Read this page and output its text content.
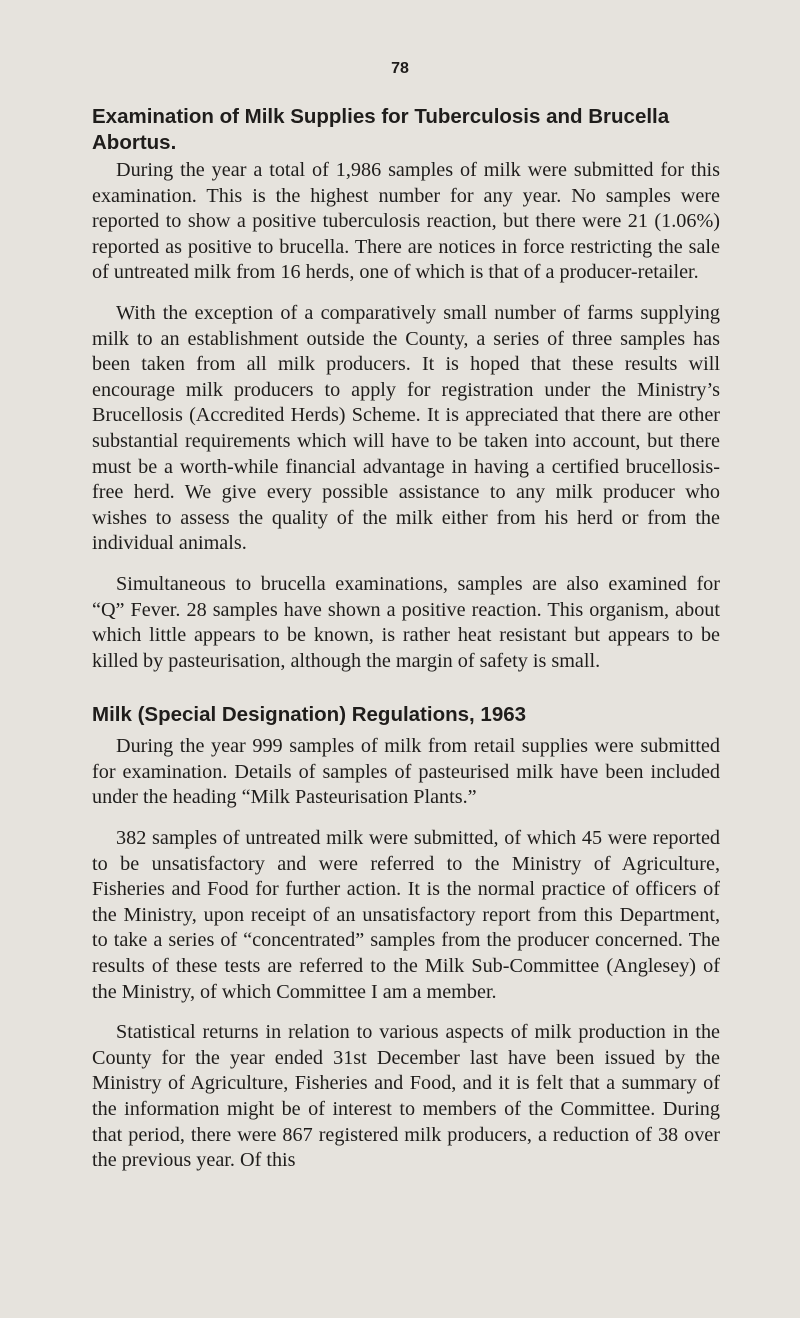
78
Examination of Milk Supplies for Tuberculosis and Brucella Abortus.

During the year a total of 1,986 samples of milk were submitted for this examination. This is the highest number for any year. No samples were reported to show a positive tuberculosis reaction, but there were 21 (1.06%) reported as positive to brucella. There are notices in force restricting the sale of untreated milk from 16 herds, one of which is that of a producer-retailer.

With the exception of a comparatively small number of farms supplying milk to an establishment outside the County, a series of three samples has been taken from all milk producers. It is hoped that these results will encourage milk producers to apply for registration under the Ministry’s Brucellosis (Accredited Herds) Scheme. It is appreciated that there are other substantial requirements which will have to be taken into account, but there must be a worth-while financial advantage in having a certified brucellosis-free herd. We give every possible assistance to any milk producer who wishes to assess the quality of the milk either from his herd or from the individual animals.

Simultaneous to brucella examinations, samples are also examined for “Q” Fever. 28 samples have shown a positive reaction. This organism, about which little appears to be known, is rather heat resistant but appears to be killed by pasteurisation, although the margin of safety is small.

Milk (Special Designation) Regulations, 1963

During the year 999 samples of milk from retail supplies were submitted for examination. Details of samples of pasteurised milk have been included under the heading “Milk Pasteurisation Plants.”

382 samples of untreated milk were submitted, of which 45 were reported to be unsatisfactory and were referred to the Ministry of Agriculture, Fisheries and Food for further action. It is the normal practice of officers of the Ministry, upon receipt of an unsatisfactory report from this Department, to take a series of “concentrated” samples from the producer concerned. The results of these tests are referred to the Milk Sub-Committee (Anglesey) of the Ministry, of which Committee I am a member.

Statistical returns in relation to various aspects of milk production in the County for the year ended 31st December last have been issued by the Ministry of Agriculture, Fisheries and Food, and it is felt that a summary of the information might be of interest to members of the Committee. During that period, there were 867 registered milk producers, a reduction of 38 over the previous year. Of this
